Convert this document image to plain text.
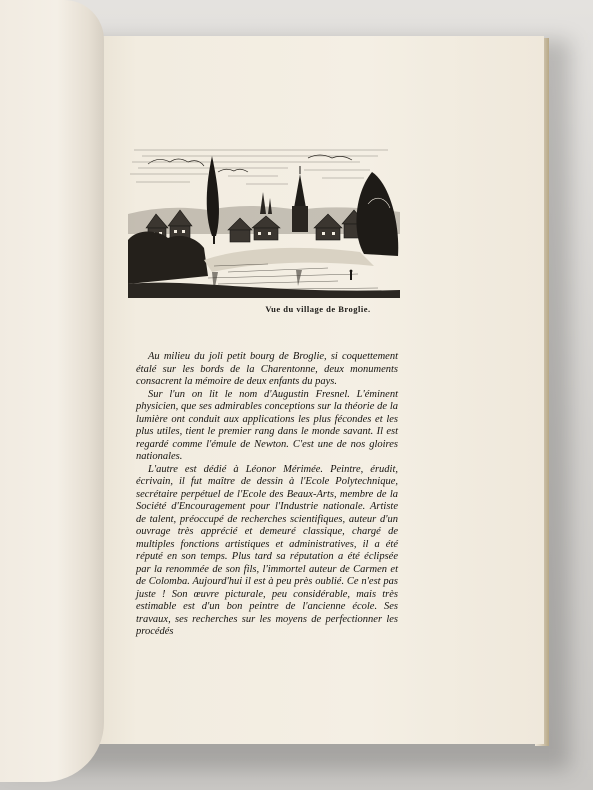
Vue du village de Broglie.

Au milieu du joli petit bourg de Broglie, si coquettement étalé sur les bords de la Charentonne, deux monuments consacrent la mémoire de deux enfants du pays.

Sur l'un on lit le nom d'Augustin Fresnel. L'éminent physicien, que ses admirables conceptions sur la théorie de la lumière ont conduit aux applications les plus fécondes et les plus utiles, tient le premier rang dans le monde savant. Il est regardé comme l'émule de Newton. C'est une de nos gloires nationales.

L'autre est dédié à Léonor Mérimée. Peintre, érudit, écrivain, il fut maître de dessin à l'Ecole Polytechnique, secrétaire perpétuel de l'Ecole des Beaux-Arts, membre de la Société d'Encouragement pour l'Industrie nationale. Artiste de talent, préoccupé de recherches scientifiques, auteur d'un ouvrage très apprécié et demeuré classique, chargé de multiples fonctions artistiques et administratives, il a été réputé en son temps. Plus tard sa réputation a été éclipsée par la renommée de son fils, l'immortel auteur de Carmen et de Colomba. Aujourd'hui il est à peu près oublié. Ce n'est pas juste ! Son œuvre picturale, peu considérable, mais très estimable est d'un bon peintre de l'ancienne école. Ses travaux, ses recherches sur les moyens de perfectionner les procédés
